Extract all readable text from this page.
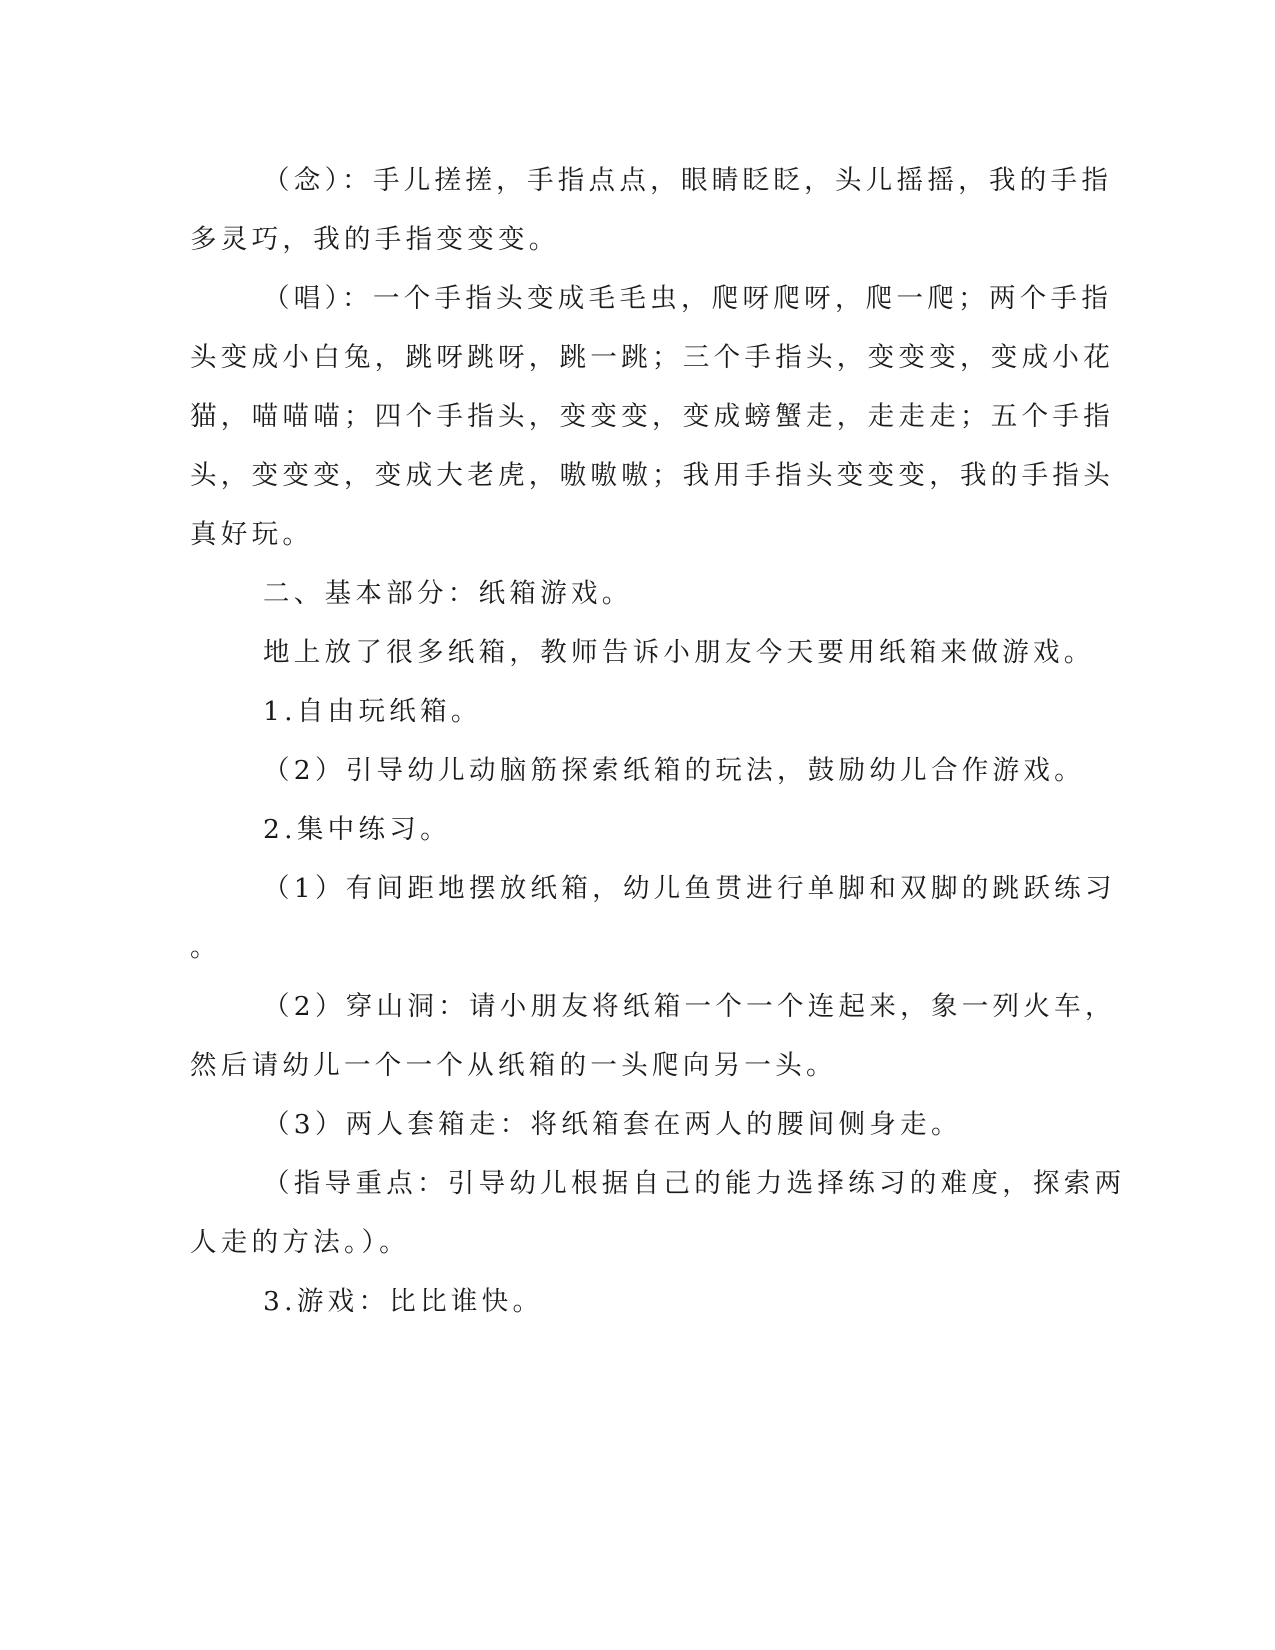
（念）：手儿搓搓，手指点点，眼睛眨眨，头儿摇摇，我的手指
多灵巧，我的手指变变变。
（唱）：一个手指头变成毛毛虫，爬呀爬呀，爬一爬；两个手指
头变成小白兔，跳呀跳呀，跳一跳；三个手指头，变变变，变成小花
猫，喵喵喵；四个手指头，变变变，变成螃蟹走，走走走；五个手指
头，变变变，变成大老虎，嗷嗷嗷；我用手指头变变变，我的手指头
真好玩。
二、基本部分：纸箱游戏。
地上放了很多纸箱，教师告诉小朋友今天要用纸箱来做游戏。
1.自由玩纸箱。
（2）引导幼儿动脑筋探索纸箱的玩法，鼓励幼儿合作游戏。
2.集中练习。
（1）有间距地摆放纸箱，幼儿鱼贯进行单脚和双脚的跳跃练习
。
（2）穿山洞：请小朋友将纸箱一个一个连起来，象一列火车，
然后请幼儿一个一个从纸箱的一头爬向另一头。
（3）两人套箱走：将纸箱套在两人的腰间侧身走。
（指导重点：引导幼儿根据自己的能力选择练习的难度，探索两
人走的方法。）。
3.游戏：比比谁快。
